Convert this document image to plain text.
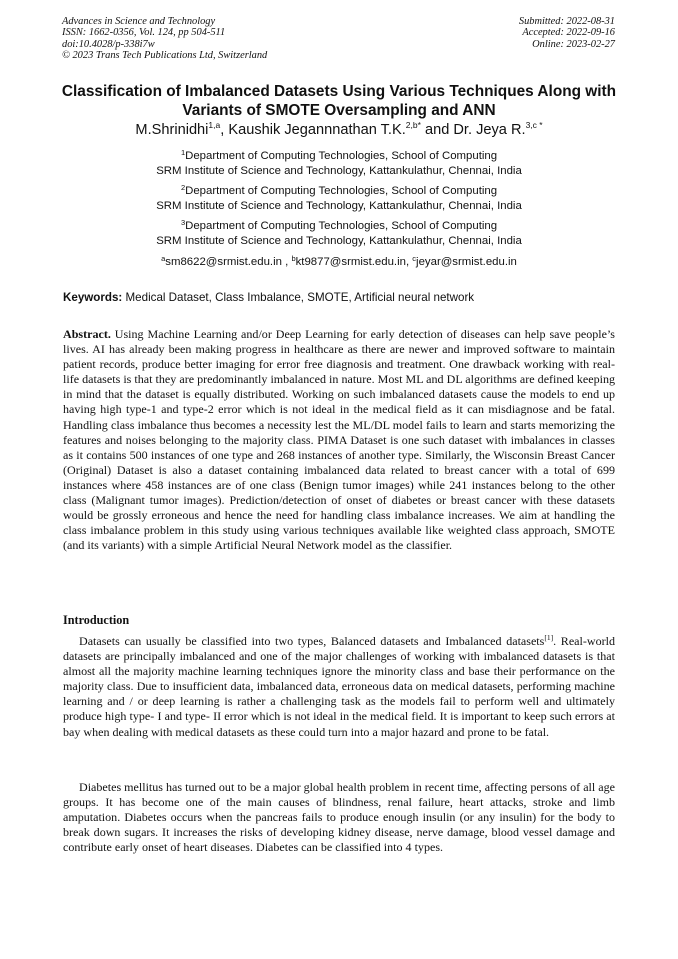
Advances in Science and Technology
ISSN: 1662-0356, Vol. 124, pp 504-511
doi:10.4028/p-338i7w
© 2023 Trans Tech Publications Ltd, Switzerland
Submitted: 2022-08-31
Accepted: 2022-09-16
Online: 2023-02-27
Classification of Imbalanced Datasets Using Various Techniques Along with Variants of SMOTE Oversampling and ANN
M.Shrinidhi$^{1,a}$, Kaushik Jegannnathan T.K.$^{2,b*}$ and Dr. Jeya R.$^{3,c *}$
$^1$Department of Computing Technologies, School of Computing
SRM Institute of Science and Technology, Kattankulathur, Chennai, India
$^2$Department of Computing Technologies, School of Computing
SRM Institute of Science and Technology, Kattankulathur, Chennai, India
$^3$Department of Computing Technologies, School of Computing
SRM Institute of Science and Technology, Kattankulathur, Chennai, India
$^a$sm8622@srmist.edu.in , $^b$kt9877@srmist.edu.in, $^c$jeyar@srmist.edu.in
Keywords: Medical Dataset, Class Imbalance, SMOTE, Artificial neural network
Abstract. Using Machine Learning and/or Deep Learning for early detection of diseases can help save people’s lives. AI has already been making progress in healthcare as there are newer and improved software to maintain patient records, produce better imaging for error free diagnosis and treatment. One drawback working with real-life datasets is that they are predominantly imbalanced in nature. Most ML and DL algorithms are defined keeping in mind that the dataset is equally distributed. Working on such imbalanced datasets cause the models to end up having high type-1 and type-2 error which is not ideal in the medical field as it can misdiagnose and be fatal. Handling class imbalance thus becomes a necessity lest the ML/DL model fails to learn and starts memorizing the features and noises belonging to the majority class. PIMA Dataset is one such dataset with imbalances in classes as it contains 500 instances of one type and 268 instances of another type. Similarly, the Wisconsin Breast Cancer (Original) Dataset is also a dataset containing imbalanced data related to breast cancer with a total of 699 instances where 458 instances are of one class (Benign tumor images) while 241 instances belong to the other class (Malignant tumor images). Prediction/detection of onset of diabetes or breast cancer with these datasets would be grossly erroneous and hence the need for handling class imbalance increases. We aim at handling the class imbalance problem in this study using various techniques available like weighted class approach, SMOTE (and its variants) with a simple Artificial Neural Network model as the classifier.
Introduction
Datasets can usually be classified into two types, Balanced datasets and Imbalanced datasets[1]. Real-world datasets are principally imbalanced and one of the major challenges of working with imbalanced datasets is that almost all the majority machine learning techniques ignore the minority class and base their performance on the majority class. Due to insufficient data, imbalanced data, erroneous data on medical datasets, performing machine learning and / or deep learning is rather a challenging task as the models fail to perform well and ultimately produce high type- I and type- II error which is not ideal in the medical field. It is important to keep such errors at bay when dealing with medical datasets as these could turn into a major hazard and prone to be fatal.
Diabetes mellitus has turned out to be a major global health problem in recent time, affecting persons of all age groups. It has become one of the main causes of blindness, renal failure, heart attacks, stroke and limb amputation. Diabetes occurs when the pancreas fails to produce enough insulin (or any insulin) for the body to break down sugars. It increases the risks of developing kidney disease, nerve damage, blood vessel damage and contribute early onset of heart diseases. Diabetes can be classified into 4 types.
